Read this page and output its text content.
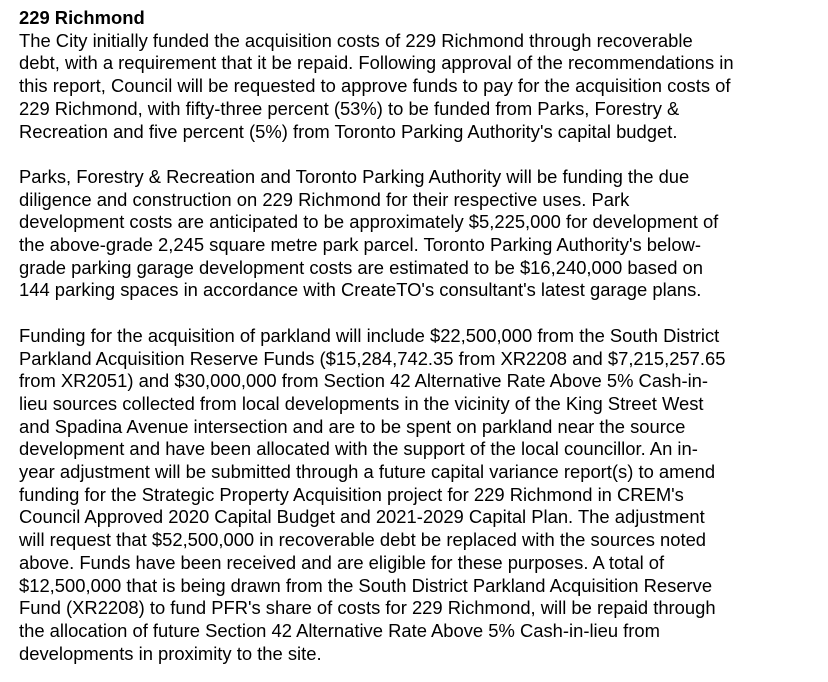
229 Richmond
The City initially funded the acquisition costs of 229 Richmond through recoverable
debt, with a requirement that it be repaid. Following approval of the recommendations in
this report, Council will be requested to approve funds to pay for the acquisition costs of
229 Richmond, with fifty-three percent (53%) to be funded from Parks, Forestry &
Recreation and five percent (5%) from Toronto Parking Authority's capital budget.
Parks, Forestry & Recreation and Toronto Parking Authority will be funding the due
diligence and construction on 229 Richmond for their respective uses. Park
development costs are anticipated to be approximately $5,225,000 for development of
the above-grade 2,245 square metre park parcel. Toronto Parking Authority's below-
grade parking garage development costs are estimated to be $16,240,000 based on
144 parking spaces in accordance with CreateTO's consultant's latest garage plans.
Funding for the acquisition of parkland will include $22,500,000 from the South District
Parkland Acquisition Reserve Funds ($15,284,742.35 from XR2208 and $7,215,257.65
from XR2051) and $30,000,000 from Section 42 Alternative Rate Above 5% Cash-in-
lieu sources collected from local developments in the vicinity of the King Street West
and Spadina Avenue intersection and are to be spent on parkland near the source
development and have been allocated with the support of the local councillor. An in-
year adjustment will be submitted through a future capital variance report(s) to amend
funding for the Strategic Property Acquisition project for 229 Richmond in CREM's
Council Approved 2020 Capital Budget and 2021-2029 Capital Plan. The adjustment
will request that $52,500,000 in recoverable debt be replaced with the sources noted
above. Funds have been received and are eligible for these purposes. A total of
$12,500,000 that is being drawn from the South District Parkland Acquisition Reserve
Fund (XR2208) to fund PFR's share of costs for 229 Richmond, will be repaid through
the allocation of future Section 42 Alternative Rate Above 5% Cash-in-lieu from
developments in proximity to the site.
